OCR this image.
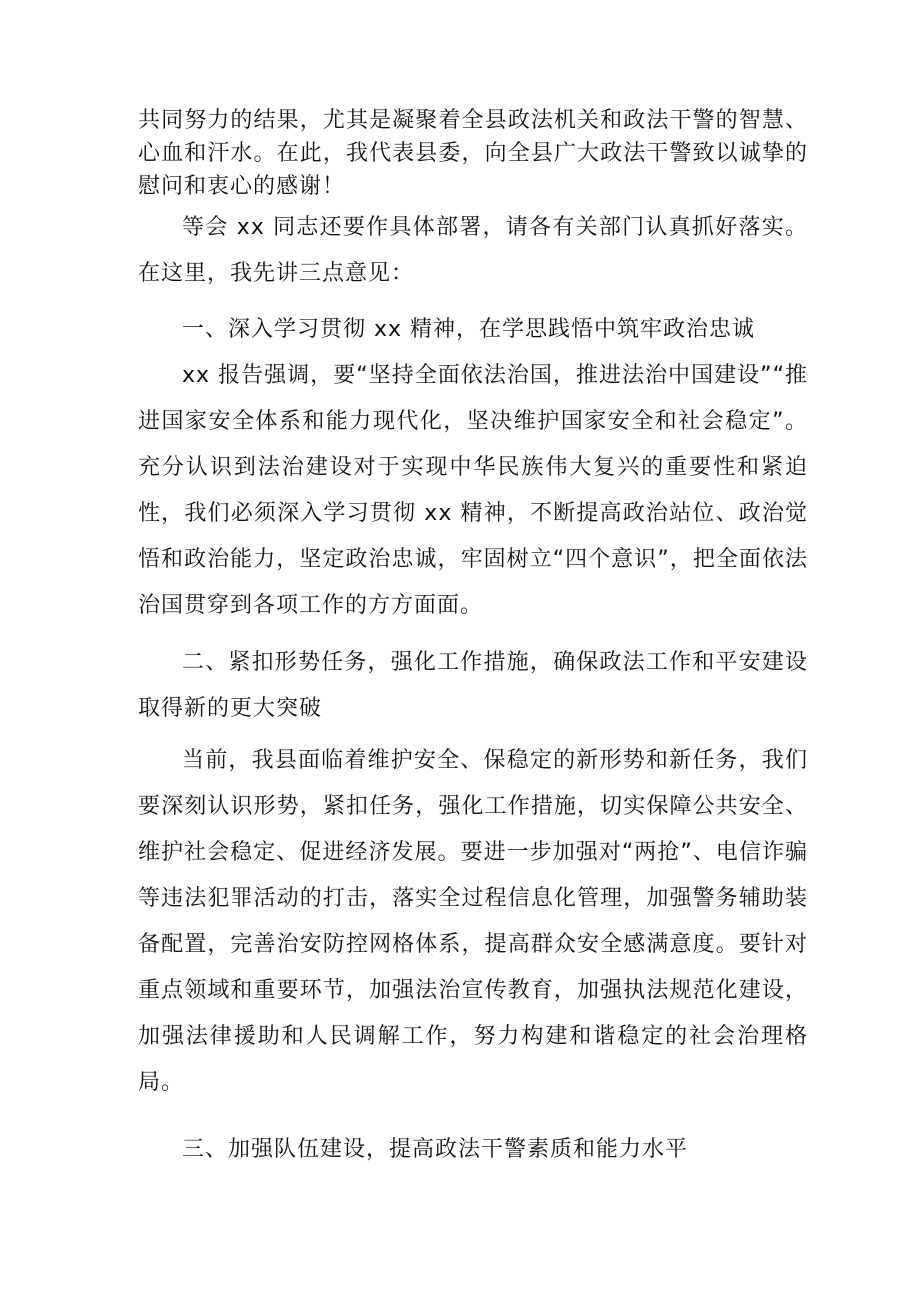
共同努力的结果，尤其是凝聚着全县政法机关和政法干警的智慧、心血和汗水。在此，我代表县委，向全县广大政法干警致以诚挚的慰问和衷心的感谢！

等会 xx 同志还要作具体部署，请各有关部门认真抓好落实。在这里，我先讲三点意见：

一、深入学习贯彻 xx 精神，在学思践悟中筑牢政治忠诚

xx 报告强调，要“坚持全面依法治国，推进法治中国建设”“推进国家安全体系和能力现代化，坚决维护国家安全和社会稳定”。充分认识到法治建设对于实现中华民族伟大复兴的重要性和紧迫性，我们必须深入学习贯彻 xx 精神，不断提高政治站位、政治觉悟和政治能力，坚定政治忠诚，牢固树立“四个意识”，把全面依法治国贯穿到各项工作的方方面面。

二、紧扣形势任务，强化工作措施，确保政法工作和平安建设取得新的更大突破

当前，我县面临着维护安全、保稳定的新形势和新任务，我们要深刻认识形势，紧扣任务，强化工作措施，切实保障公共安全、维护社会稳定、促进经济发展。要进一步加强对“两抢”、电信诈骗等违法犯罪活动的打击，落实全过程信息化管理，加强警务辅助装备配置，完善治安防控网格体系，提高群众安全感满意度。要针对重点领域和重要环节，加强法治宣传教育，加强执法规范化建设，加强法律援助和人民调解工作，努力构建和谐稳定的社会治理格局。

三、加强队伍建设，提高政法干警素质和能力水平
